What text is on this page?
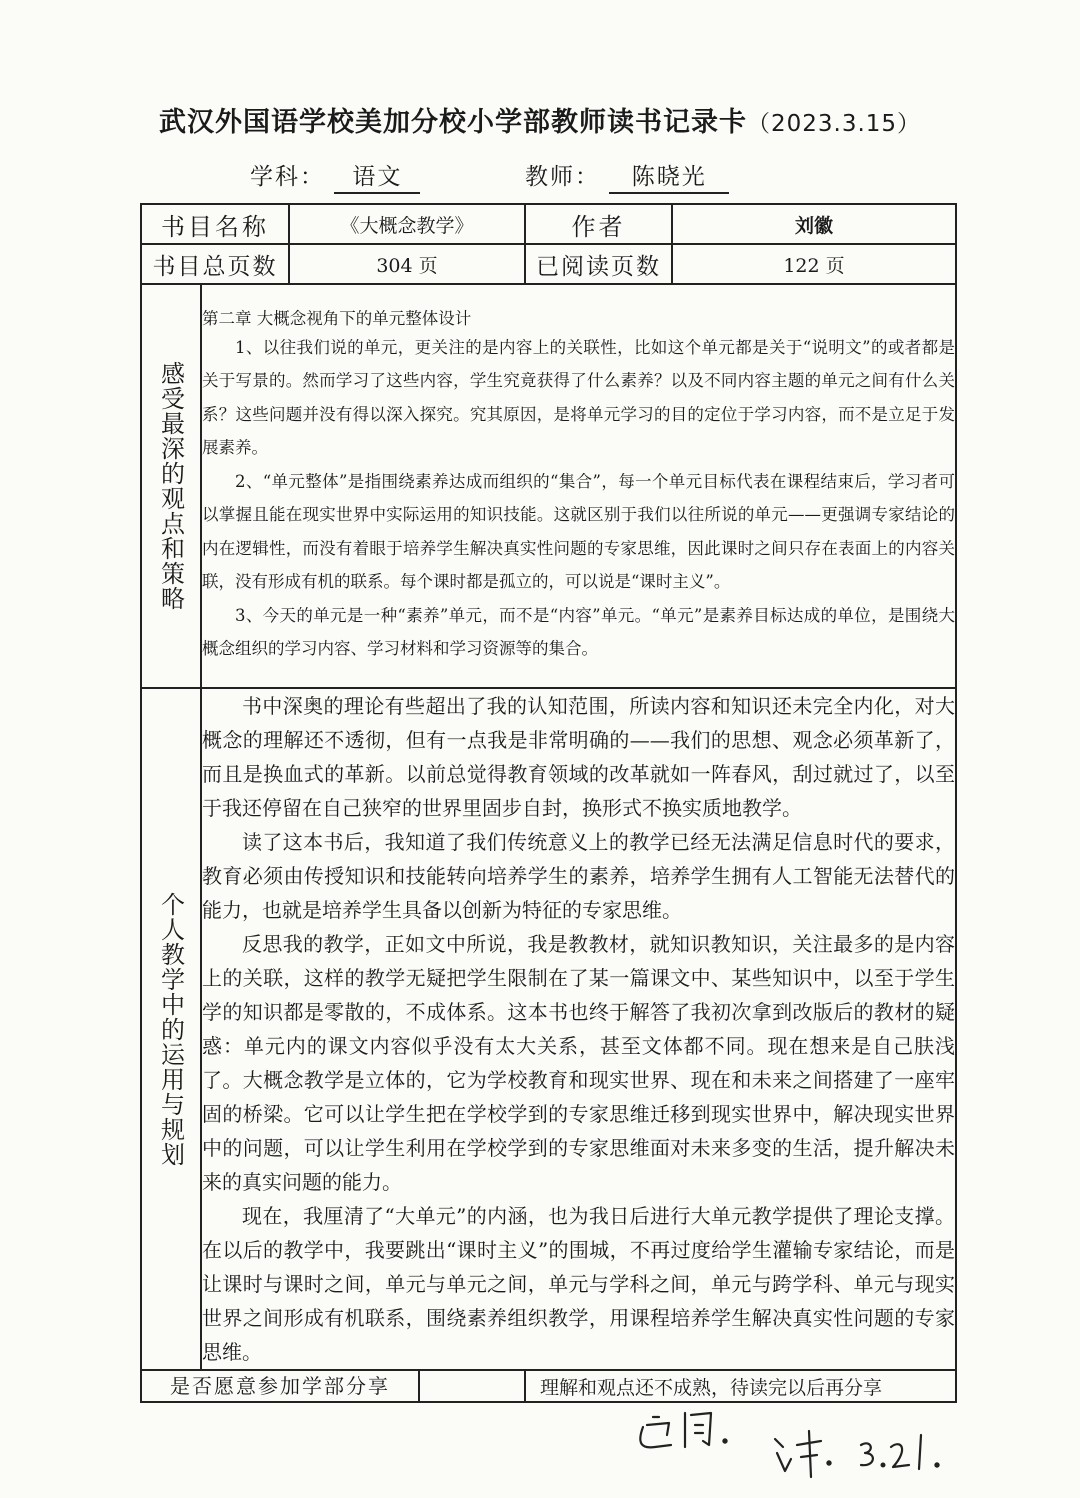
武汉外国语学校美加分校小学部教师读书记录卡（2023.3.15）
学科： 语文	教师： 陈晓光
书目名称		《大概念教学》	作者	刘徽
书目总页数		304 页	已阅读页数	122 页

感受最深的观点和策略	第二章 大概念视角下的单元整体设计

1、以往我们说的单元，更关注的是内容上的关联性，比如这个单元都是关于“说明文”的或者都是关于写景的。然而学习了这些内容，学生究竟获得了什么素养？以及不同内容主题的单元之间有什么关系？这些问题并没有得以深入探究。究其原因，是将单元学习的目的定位于学习内容，而不是立足于发展素养。

2、“单元整体”是指围绕素养达成而组织的“集合”，每一个单元目标代表在课程结束后，学习者可以掌握且能在现实世界中实际运用的知识技能。这就区别于我们以往所说的单元——更强调专家结论的内在逻辑性，而没有着眼于培养学生解决真实性问题的专家思维，因此课时之间只存在表面上的内容关联，没有形成有机的联系。每个课时都是孤立的，可以说是“课时主义”。

3、今天的单元是一种“素养”单元，而不是“内容”单元。“单元”是素养目标达成的单位，是围绕大概念组织的学习内容、学习材料和学习资源等的集合。			

个人教学中的运用与规划	书中深奥的理论有些超出了我的认知范围，所读内容和知识还未完全内化，对大概念的理解还不透彻，但有一点我是非常明确的——我们的思想、观念必须革新了，而且是换血式的革新。以前总觉得教育领域的改革就如一阵春风，刮过就过了，以至于我还停留在自己狭窄的世界里固步自封，换形式不换实质地教学。

读了这本书后，我知道了我们传统意义上的教学已经无法满足信息时代的要求，教育必须由传授知识和技能转向培养学生的素养，培养学生拥有人工智能无法替代的能力，也就是培养学生具备以创新为特征的专家思维。

反思我的教学，正如文中所说，我是教教材，就知识教知识，关注最多的是内容上的关联，这样的教学无疑把学生限制在了某一篇课文中、某些知识中，以至于学生学的知识都是零散的，不成体系。这本书也终于解答了我初次拿到改版后的教材的疑惑：单元内的课文内容似乎没有太大关系，甚至文体都不同。现在想来是自己肤浅了。大概念教学是立体的，它为学校教育和现实世界、现在和未来之间搭建了一座牢固的桥梁。它可以让学生把在学校学到的专家思维迁移到现实世界中，解决现实世界中的问题，可以让学生利用在学校学到的专家思维面对未来多变的生活，提升解决未来的真实问题的能力。

现在，我厘清了“大单元”的内涵，也为我日后进行大单元教学提供了理论支撑。在以后的教学中，我要跳出“课时主义”的围城，不再过度给学生灌输专家结论，而是让课时与课时之间，单元与单元之间，单元与学科之间，单元与跨学科、单元与现实世界之间形成有机联系，围绕素养组织教学，用课程培养学生解决真实性问题的专家思维。			

是否愿意参加学部分享			理解和观点还不成熟，待读完以后再分享	
